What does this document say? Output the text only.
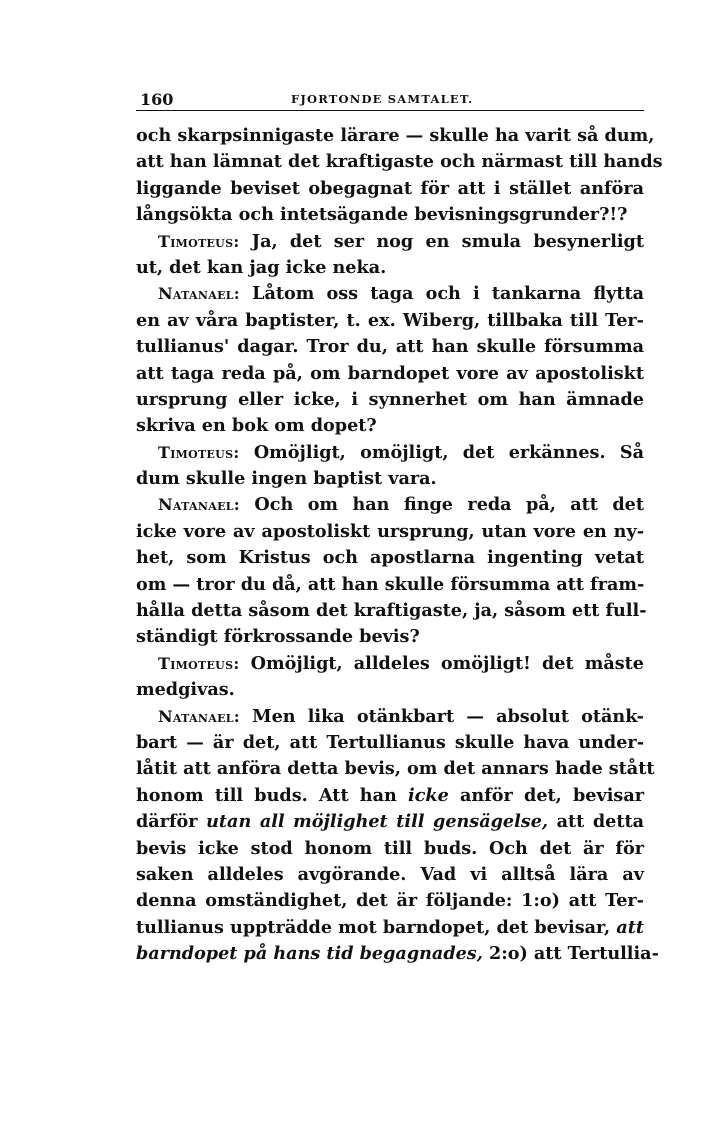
160	FJORTONDE SAMTALET.
och skarpsinnigaste lärare — skulle ha varit så dum,
att han lämnat det kraftigaste och närmast till hands
liggande beviset obegagnat för att i stället anföra
långsökta och intetsägande bevisningsgrunder?!?
Timoteus: Ja, det ser nog en smula besynerligt
ut, det kan jag icke neka.
Natanael: Låtom oss taga och i tankarna flytta
en av våra baptister, t. ex. Wiberg, tillbaka till Ter-
tullianus' dagar. Tror du, att han skulle försumma
att taga reda på, om barndopet vore av apostoliskt
ursprung eller icke, i synnerhet om han ämnade
skriva en bok om dopet?
Timoteus: Omöjligt, omöjligt, det erkännes. Så
dum skulle ingen baptist vara.
Natanael: Och om han finge reda på, att det
icke vore av apostoliskt ursprung, utan vore en ny-
het, som Kristus och apostlarna ingenting vetat
om — tror du då, att han skulle försumma att fram-
hålla detta såsom det kraftigaste, ja, såsom ett full-
ständigt förkrossande bevis?
Timoteus: Omöjligt, alldeles omöjligt! det måste
medgivas.
Natanael: Men lika otänkbart — absolut otänk-
bart — är det, att Tertullianus skulle hava under-
låtit att anföra detta bevis, om det annars hade stått
honom till buds. Att han icke anför det, bevisar
därför utan all möjlighet till gensägelse, att detta
bevis icke stod honom till buds. Och det är för
saken alldeles avgörande. Vad vi alltså lära av
denna omständighet, det är följande: 1:o) att Ter-
tullianus uppträdde mot barndopet, det bevisar, att
barndopet på hans tid begagnades, 2:o) att Tertullia-
